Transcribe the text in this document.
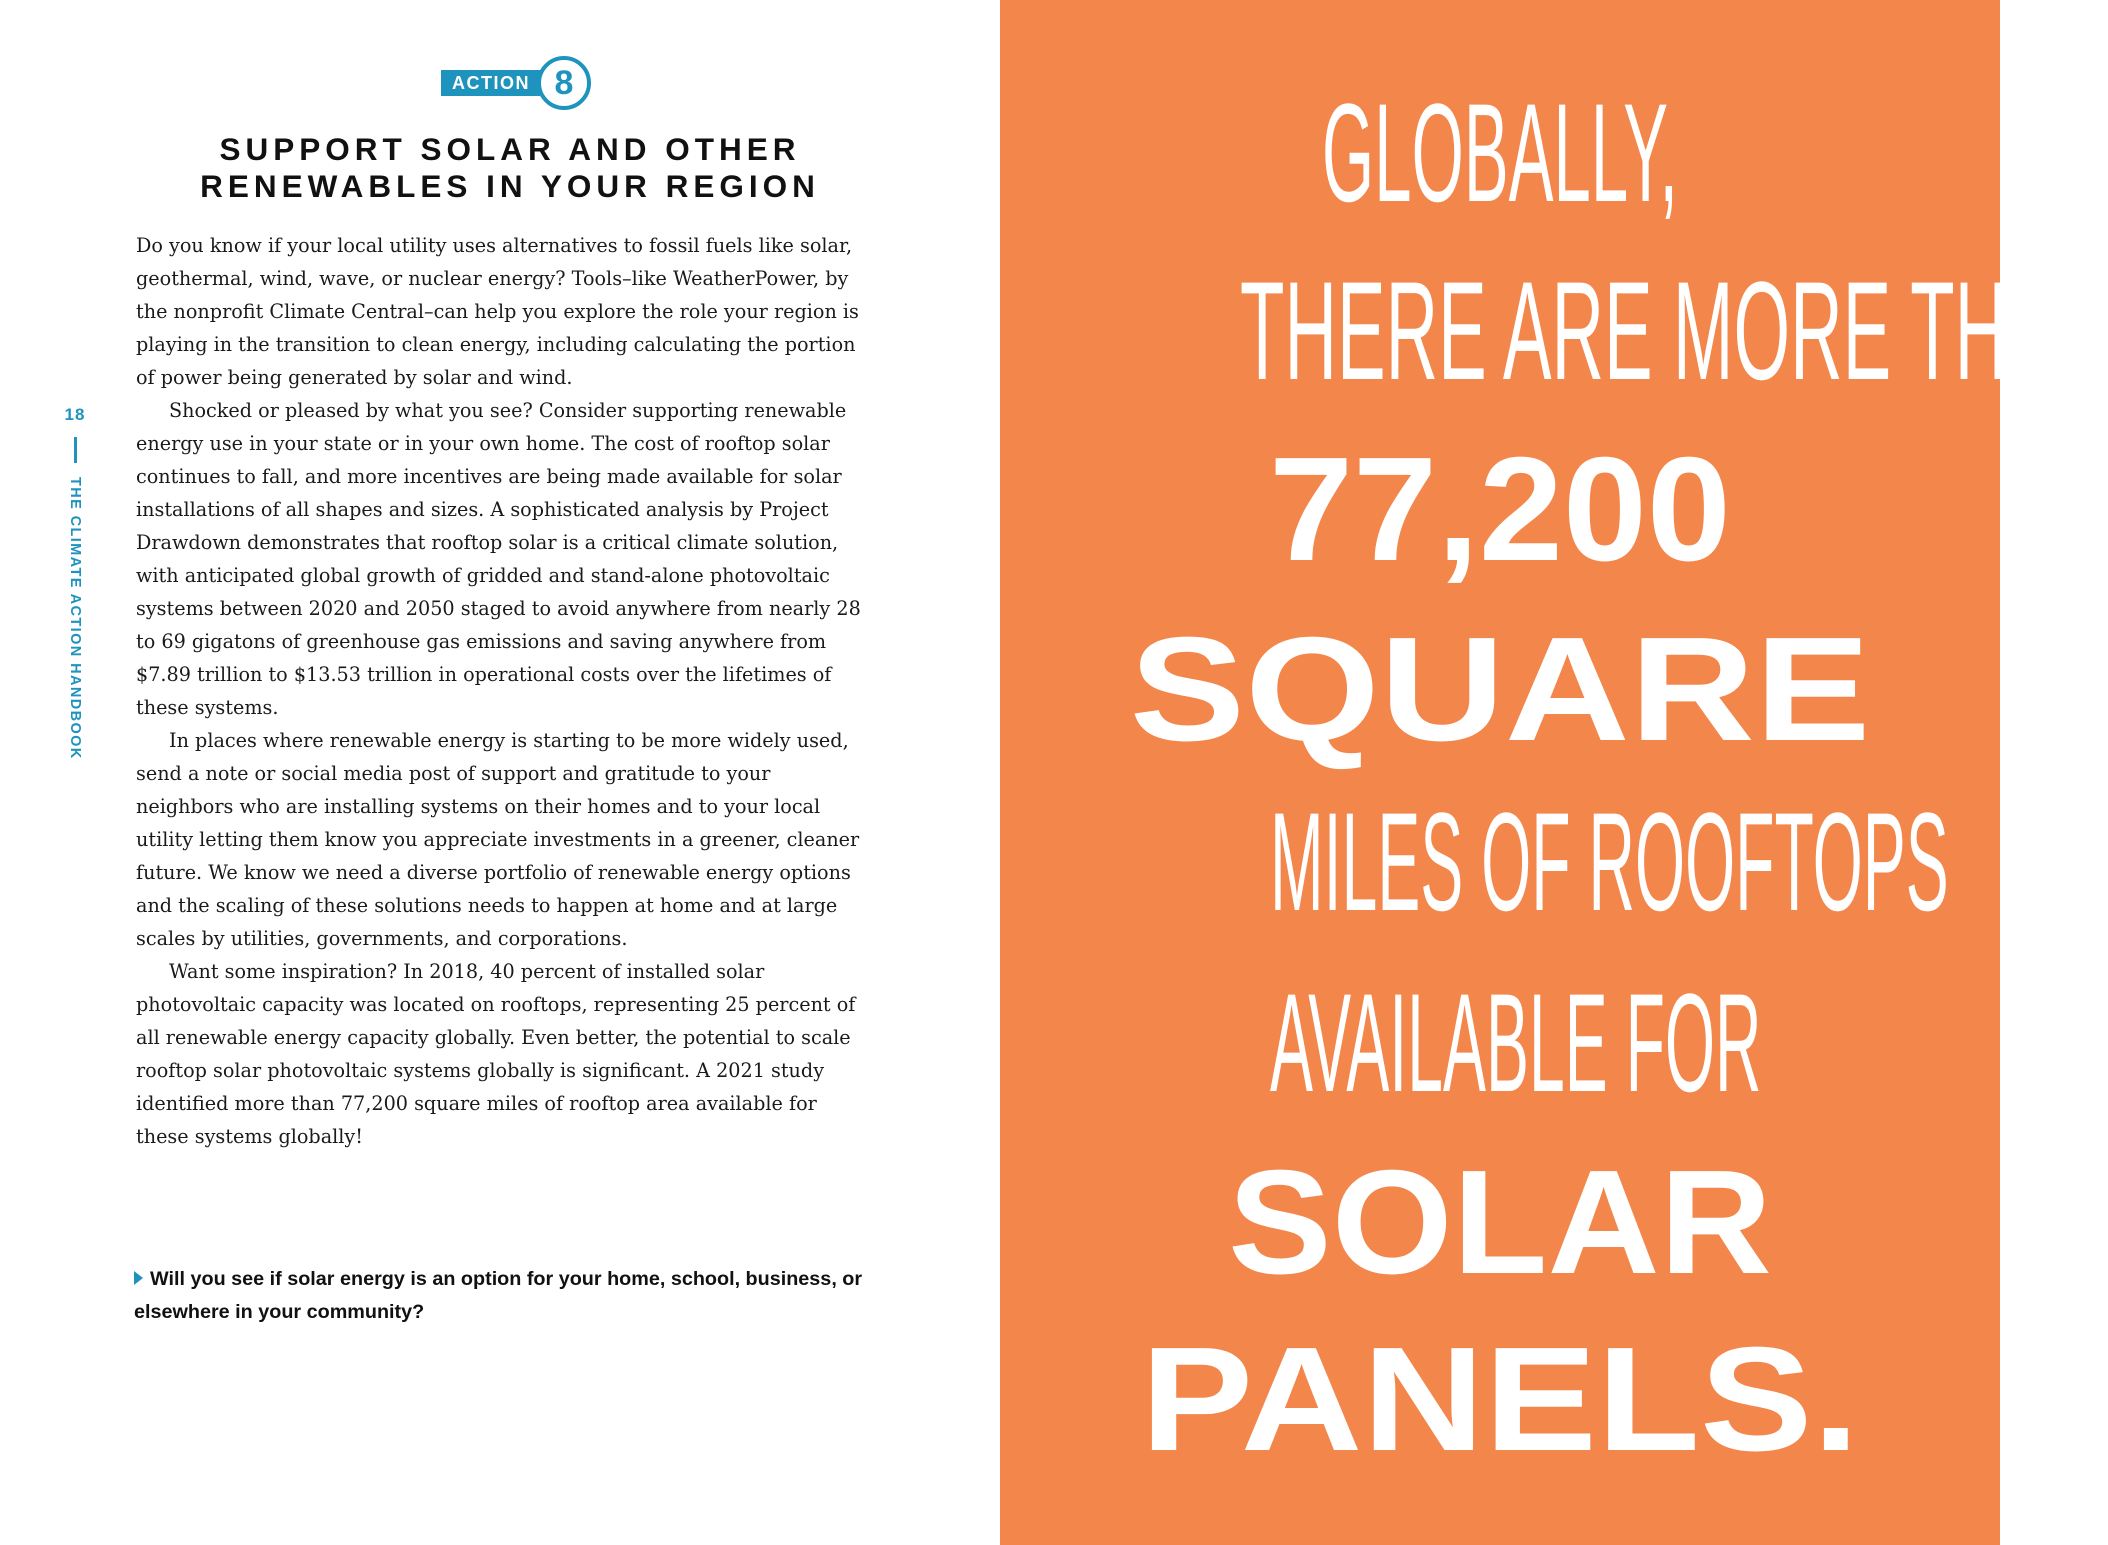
18
THE CLIMATE ACTION HANDBOOK
ACTION 8
SUPPORT SOLAR AND OTHER
RENEWABLES IN YOUR REGION

Do you know if your local utility uses alternatives to fossil fuels like solar, geothermal, wind, wave, or nuclear energy? Tools–like WeatherPower, by the nonprofit Climate Central–can help you explore the role your region is playing in the transition to clean energy, including calculating the portion of power being generated by solar and wind.

Shocked or pleased by what you see? Consider supporting renewable energy use in your state or in your own home. The cost of rooftop solar continues to fall, and more incentives are being made available for solar installations of all shapes and sizes. A sophisticated analysis by Project Drawdown demonstrates that rooftop solar is a critical climate solution, with anticipated global growth of gridded and stand-alone photovoltaic systems between 2020 and 2050 staged to avoid anywhere from nearly 28 to 69 gigatons of greenhouse gas emissions and saving anywhere from $7.89 trillion to $13.53 trillion in operational costs over the lifetimes of these systems.

In places where renewable energy is starting to be more widely used, send a note or social media post of support and gratitude to your neighbors who are installing systems on their homes and to your local utility letting them know you appreciate investments in a greener, cleaner future. We know we need a diverse portfolio of renewable energy options and the scaling of these solutions needs to happen at home and at large scales by utilities, governments, and corporations.

Want some inspiration? In 2018, 40 percent of installed solar photovoltaic capacity was located on rooftops, representing 25 percent of all renewable energy capacity globally. Even better, the potential to scale rooftop solar photovoltaic systems globally is significant. A 2021 study identified more than 77,200 square miles of rooftop area available for these systems globally!

Will you see if solar energy is an option for your home, school, business, or elsewhere in your community?
GLOBALLY,
THERE ARE MORE THAN
77,200
SQUARE
MILES OF ROOFTOPS
AVAILABLE FOR
SOLAR
PANELS.
